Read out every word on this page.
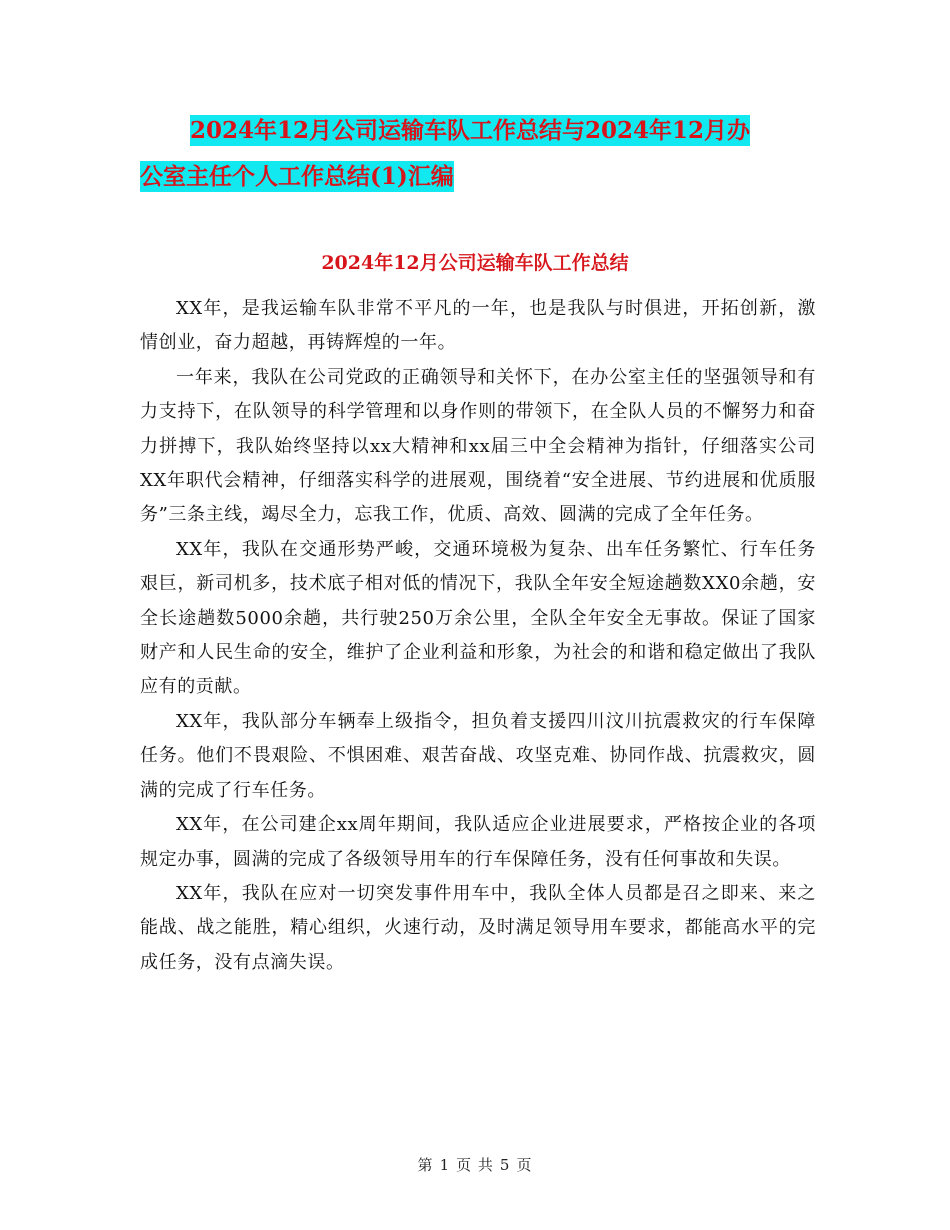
2024年12月公司运输车队工作总结与2024年12月办
公室主任个人工作总结(1)汇编
2024年12月公司运输车队工作总结

XX年，是我运输车队非常不平凡的一年，也是我队与时俱进，开拓创新，激情创业，奋力超越，再铸辉煌的一年。

一年来，我队在公司党政的正确领导和关怀下，在办公室主任的坚强领导和有力支持下，在队领导的科学管理和以身作则的带领下，在全队人员的不懈努力和奋力拼搏下，我队始终坚持以xx大精神和xx届三中全会精神为指针，仔细落实公司XX年职代会精神，仔细落实科学的进展观，围绕着“安全进展、节约进展和优质服务”三条主线，竭尽全力，忘我工作，优质、高效、圆满的完成了全年任务。

XX年，我队在交通形势严峻，交通环境极为复杂、出车任务繁忙、行车任务艰巨，新司机多，技术底子相对低的情况下，我队全年安全短途趟数XX0余趟，安全长途趟数5000余趟，共行驶250万余公里，全队全年安全无事故。保证了国家财产和人民生命的安全，维护了企业利益和形象，为社会的和谐和稳定做出了我队应有的贡献。

XX年，我队部分车辆奉上级指令，担负着支援四川汶川抗震救灾的行车保障任务。他们不畏艰险、不惧困难、艰苦奋战、攻坚克难、协同作战、抗震救灾，圆满的完成了行车任务。

XX年，在公司建企xx周年期间，我队适应企业进展要求，严格按企业的各项规定办事，圆满的完成了各级领导用车的行车保障任务，没有任何事故和失误。

XX年，我队在应对一切突发事件用车中，我队全体人员都是召之即来、来之能战、战之能胜，精心组织，火速行动，及时满足领导用车要求，都能高水平的完成任务，没有点滴失误。

第 1 页 共 5 页
